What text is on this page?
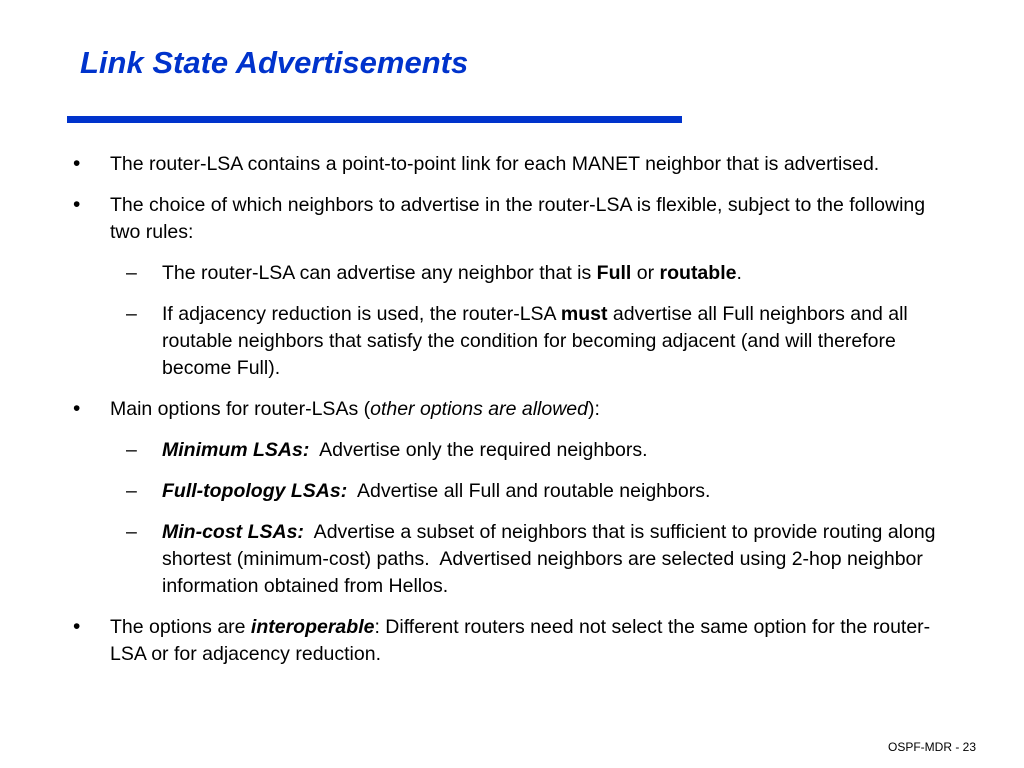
Link State Advertisements
• The router-LSA contains a point-to-point link for each MANET neighbor that is advertised.
• The choice of which neighbors to advertise in the router-LSA is flexible, subject to the following two rules:
– The router-LSA can advertise any neighbor that is Full or routable.
– If adjacency reduction is used, the router-LSA must advertise all Full neighbors and all routable neighbors that satisfy the condition for becoming adjacent (and will therefore become Full).
• Main options for router-LSAs (other options are allowed):
– Minimum LSAs:  Advertise only the required neighbors.
– Full-topology LSAs:  Advertise all Full and routable neighbors.
– Min-cost LSAs:  Advertise a subset of neighbors that is sufficient to provide routing along shortest (minimum-cost) paths.  Advertised neighbors are selected using 2-hop neighbor information obtained from Hellos.
• The options are interoperable: Different routers need not select the same option for the router-LSA or for adjacency reduction.
OSPF-MDR - 23
